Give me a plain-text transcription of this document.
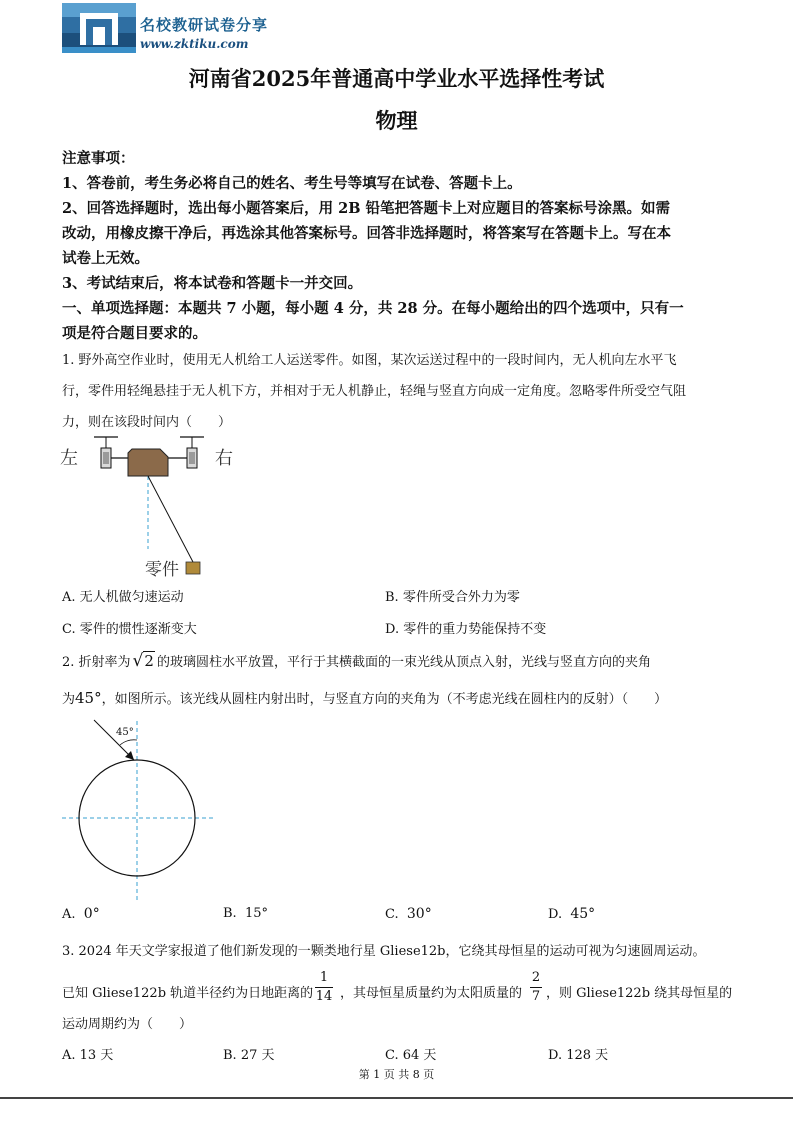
名校教研试卷分享
www.zktiku.com
河南省2025年普通高中学业水平选择性考试
物理
注意事项：
1、答卷前，考生务必将自己的姓名、考生号等填写在试卷、答题卡上。
2、回答选择题时，选出每小题答案后，用 2B 铅笔把答题卡上对应题目的答案标号涂黑。如需
改动，用橡皮擦干净后，再选涂其他答案标号。回答非选择题时，将答案写在答题卡上。写在本
试卷上无效。
3、考试结束后，将本试卷和答题卡一并交回。
一、单项选择题：本题共 7 小题，每小题 4 分，共 28 分。在每小题给出的四个选项中，只有一
项是符合题目要求的。
1. 野外高空作业时，使用无人机给工人运送零件。如图，某次运送过程中的一段时间内，无人机向左水平飞
行，零件用轻绳悬挂于无人机下方，并相对于无人机静止，轻绳与竖直方向成一定角度。忽略零件所受空气阻
力，则在该段时间内（　　）
左	右
零件
A. 无人机做匀速运动	B. 零件所受合外力为零
C. 零件的惯性逐渐变大	D. 零件的重力势能保持不变
2. 折射率为 √2 的玻璃圆柱水平放置，平行于其横截面的一束光线从顶点入射，光线与竖直方向的夹角
为45°，如图所示。该光线从圆柱内射出时，与竖直方向的夹角为（不考虑光线在圆柱内的反射）（　　）
45°
A. 0°	B. 15°	C. 30°	D. 45°
3. 2024 年天文学家报道了他们新发现的一颗类地行星 Gliese12b，它绕其母恒星的运动可视为匀速圆周运动。
已知 Gliese122b 轨道半径约为日地距离的
1
14 ，其母恒星质量约为太阳质量的
2
7 ，则 Gliese122b 绕其母恒星的
运动周期约为（　　）
A. 13 天	B. 27 天	C. 64 天	D. 128 天
第 1 页 共 8 页
